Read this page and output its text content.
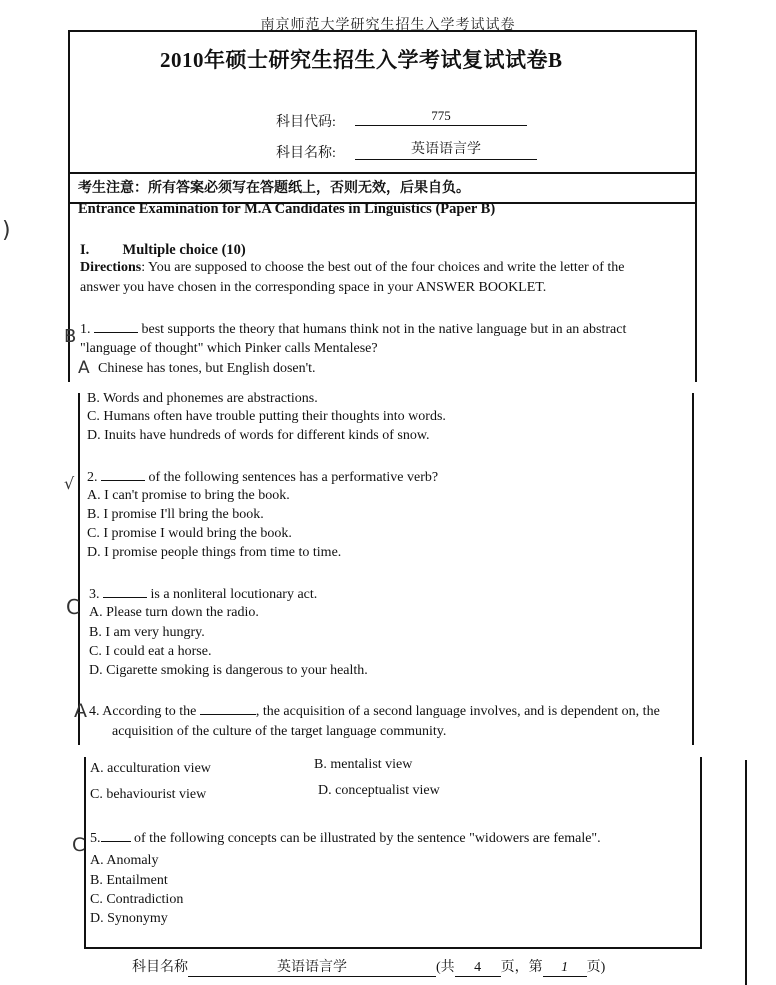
南京师范大学研究生招生入学考试试卷
2010年硕士研究生招生入学考试复试试卷B
科目代码:	775
科目名称:	英语语言学
考生注意：所有答案必须写在答题纸上，否则无效，后果自负。
Entrance Examination for M.A Candidates in Linguistics (Paper B)
I. Multiple choice (10)
Directions: You are supposed to choose the best out of the four choices and write the letter of the
answer you have chosen in the corresponding space in your ANSWER BOOKLET.
1.	best supports the theory that humans think not in the native language but in an abstract
"language of thought" which Pinker calls Mentalese?
Chinese has tones, but English dosen't.
A
B
B. Words and phonemes are abstractions.
C. Humans often have trouble putting their thoughts into words.
D. Inuits have hundreds of words for different kinds of snow.
√ 2.	of the following sentences has a performative verb?
A. I can't promise to bring the book.
B. I promise I'll bring the book.
C. I promise I would bring the book.
D. I promise people things from time to time.
C
3.	is a nonliteral locutionary act.
A. Please turn down the radio.
B. I am very hungry.
C. I could eat a horse.
D. Cigarette smoking is dangerous to your health.
A 4. According to the	, the acquisition of a second language involves, and is dependent on, the
acquisition of the culture of the target language community.
A. acculturation view	B. mentalist view
C. behaviourist view	D. conceptualist view
C 5. of the following concepts can be illustrated by the sentence "widowers are female".
A. Anomaly
B. Entailment
C. Contradiction
D. Synonymy
)
科目名称	英语语言学	(共 4 页，第 1 页)
